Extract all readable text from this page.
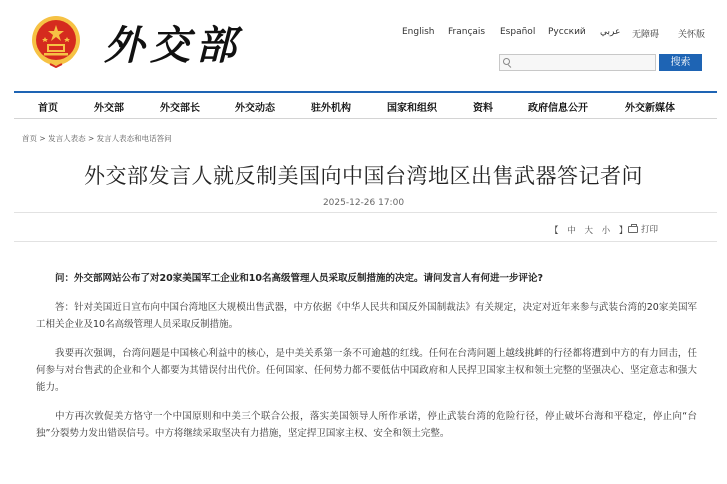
外交部	English Français Español Русский عربي 无障碍 关怀版
搜索
首页	外交部	外交部长	外交动态	驻外机构	国家和组织	资料	政府信息公开	外交新媒体
首页 > 发言人表态 > 发言人表态和电话答问
外交部发言人就反制美国向中国台湾地区出售武器答记者问
2025-12-26 17:00
【 中 大 小 】	打印

问：外交部网站公布了对20家美国军工企业和10名高级管理人员采取反制措施的决定。请问发言人有何进一步评论?

答：针对美国近日宣布向中国台湾地区大规模出售武器，中方依据《中华人民共和国反外国制裁法》有关规定，决定对近年来参与武装台湾的20家美国军工相关企业及10名高级管理人员采取反制措施。

我要再次强调，台湾问题是中国核心利益中的核心，是中美关系第一条不可逾越的红线。任何在台湾问题上越线挑衅的行径都将遭到中方的有力回击，任何参与对台售武的企业和个人都要为其错误付出代价。任何国家、任何势力都不要低估中国政府和人民捍卫国家主权和领土完整的坚强决心、坚定意志和强大能力。

中方再次敦促美方恪守一个中国原则和中美三个联合公报，落实美国领导人所作承诺，停止武装台湾的危险行径，停止破坏台海和平稳定，停止向“台独”分裂势力发出错误信号。中方将继续采取坚决有力措施，坚定捍卫国家主权、安全和领土完整。
